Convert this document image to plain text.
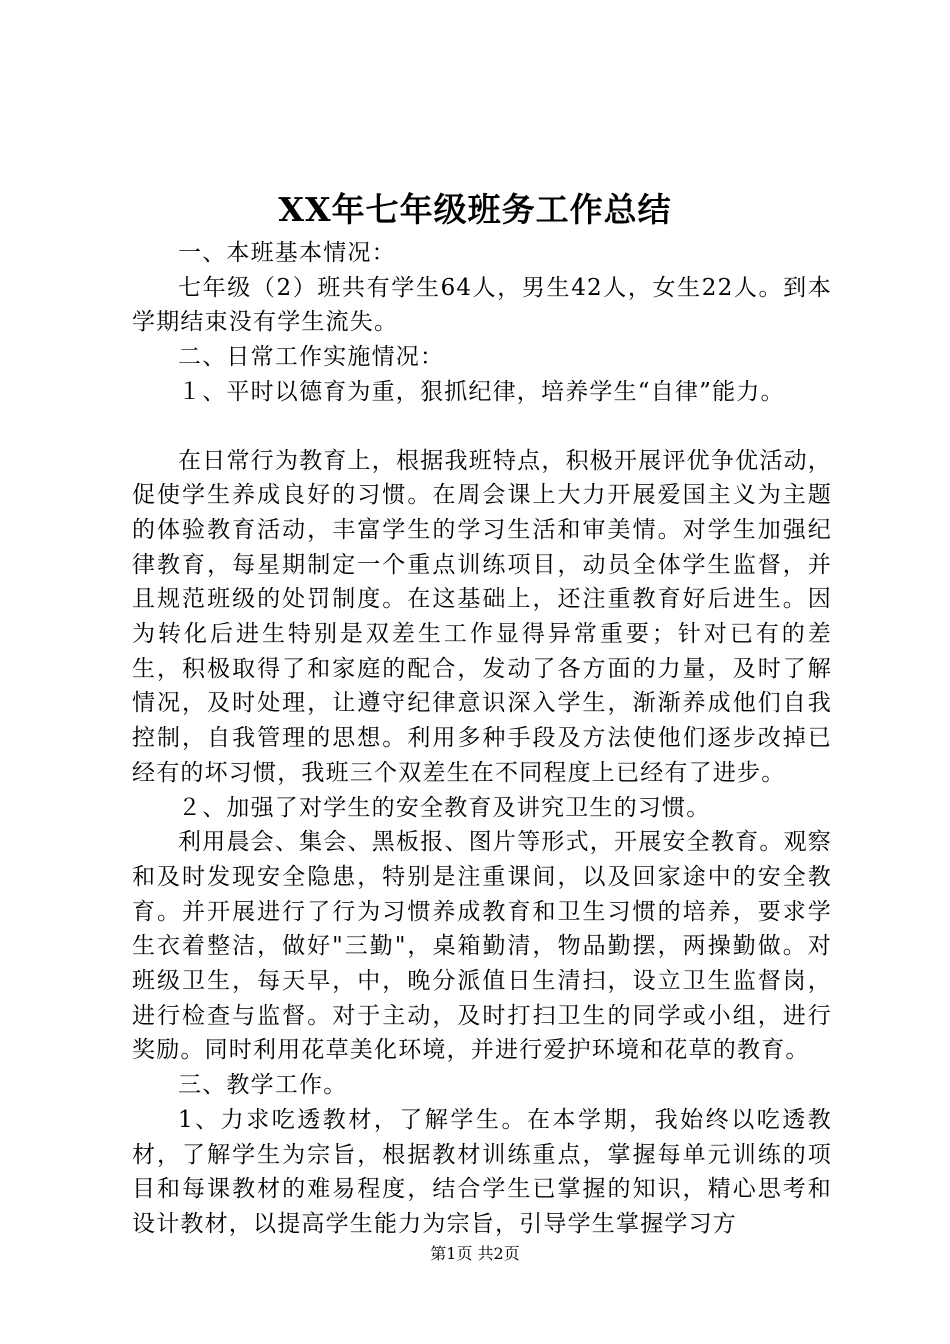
XX年七年级班务工作总结

一、本班基本情况：

七年级（2）班共有学生64人，男生42人，女生22人。到本学期结束没有学生流失。

二、日常工作实施情况：

１、平时以德育为重，狠抓纪律，培养学生“自律”能力。

在日常行为教育上，根据我班特点，积极开展评优争优活动，促使学生养成良好的习惯。在周会课上大力开展爱国主义为主题的体验教育活动，丰富学生的学习生活和审美情。对学生加强纪律教育，每星期制定一个重点训练项目，动员全体学生监督，并且规范班级的处罚制度。在这基础上，还注重教育好后进生。因为转化后进生特别是双差生工作显得异常重要；针对已有的差生，积极取得了和家庭的配合，发动了各方面的力量，及时了解情况，及时处理，让遵守纪律意识深入学生，渐渐养成他们自我控制，自我管理的思想。利用多种手段及方法使他们逐步改掉已经有的坏习惯，我班三个双差生在不同程度上已经有了进步。

２、加强了对学生的安全教育及讲究卫生的习惯。

利用晨会、集会、黑板报、图片等形式，开展安全教育。观察和及时发现安全隐患，特别是注重课间，以及回家途中的安全教育。并开展进行了行为习惯养成教育和卫生习惯的培养，要求学生衣着整洁，做好"三勤"，桌箱勤清，物品勤摆，两操勤做。对班级卫生，每天早，中，晚分派值日生清扫，设立卫生监督岗，进行检查与监督。对于主动，及时打扫卫生的同学或小组，进行奖励。同时利用花草美化环境，并进行爱护环境和花草的教育。

三、教学工作。

1、力求吃透教材，了解学生。在本学期，我始终以吃透教材，了解学生为宗旨，根据教材训练重点，掌握每单元训练的项目和每课教材的难易程度，结合学生已掌握的知识，精心思考和设计教材，以提高学生能力为宗旨，引导学生掌握学习方

第1页 共2页
